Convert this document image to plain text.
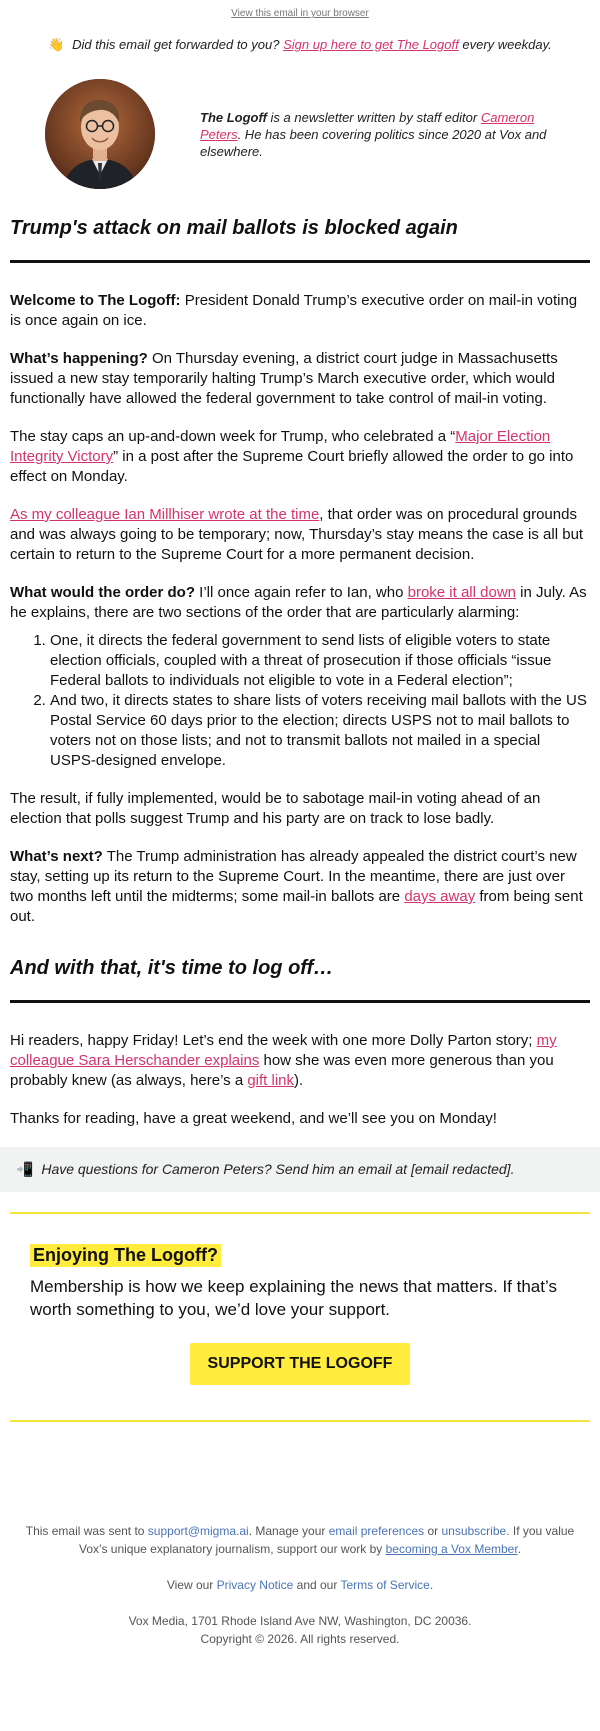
View this email in your browser
👋 Did this email get forwarded to you? Sign up here to get The Logoff every weekday.
The Logoff is a newsletter written by staff editor Cameron Peters. He has been covering politics since 2020 at Vox and elsewhere.
Trump's attack on mail ballots is blocked again

Welcome to The Logoff: President Donald Trump’s executive order on mail-in voting is once again on ice.

What’s happening? On Thursday evening, a district court judge in Massachusetts issued a new stay temporarily halting Trump’s March executive order, which would functionally have allowed the federal government to take control of mail-in voting.

The stay caps an up-and-down week for Trump, who celebrated a “Major Election Integrity Victory” in a post after the Supreme Court briefly allowed the order to go into effect on Monday.

As my colleague Ian Millhiser wrote at the time, that order was on procedural grounds and was always going to be temporary; now, Thursday’s stay means the case is all but certain to return to the Supreme Court for a more permanent decision.

What would the order do? I’ll once again refer to Ian, who broke it all down in July. As he explains, there are two sections of the order that are particularly alarming:

1. One, it directs the federal government to send lists of eligible voters to state election officials, coupled with a threat of prosecution if those officials “issue Federal ballots to individuals not eligible to vote in a Federal election”;
2. And two, it directs states to share lists of voters receiving mail ballots with the US Postal Service 60 days prior to the election; directs USPS not to mail ballots to voters not on those lists; and not to transmit ballots not mailed in a special USPS-designed envelope.

The result, if fully implemented, would be to sabotage mail-in voting ahead of an election that polls suggest Trump and his party are on track to lose badly.

What’s next? The Trump administration has already appealed the district court’s new stay, setting up its return to the Supreme Court. In the meantime, there are just over two months left until the midterms; some mail-in ballots are days away from being sent out.

And with that, it's time to log off…

Hi readers, happy Friday! Let’s end the week with one more Dolly Parton story; my colleague Sara Herschander explains how she was even more generous than you probably knew (as always, here’s a gift link).

Thanks for reading, have a great weekend, and we’ll see you on Monday!

📲 Have questions for Cameron Peters? Send him an email at [email redacted].
Enjoying The Logoff?
Membership is how we keep explaining the news that matters. If that’s worth something to you, we’d love your support.
SUPPORT THE LOGOFF

This email was sent to support@migma.ai. Manage your email preferences or unsubscribe. If you value Vox’s unique explanatory journalism, support our work by becoming a Vox Member.

View our Privacy Notice and our Terms of Service.

Vox Media, 1701 Rhode Island Ave NW, Washington, DC 20036.
Copyright © 2026. All rights reserved.
